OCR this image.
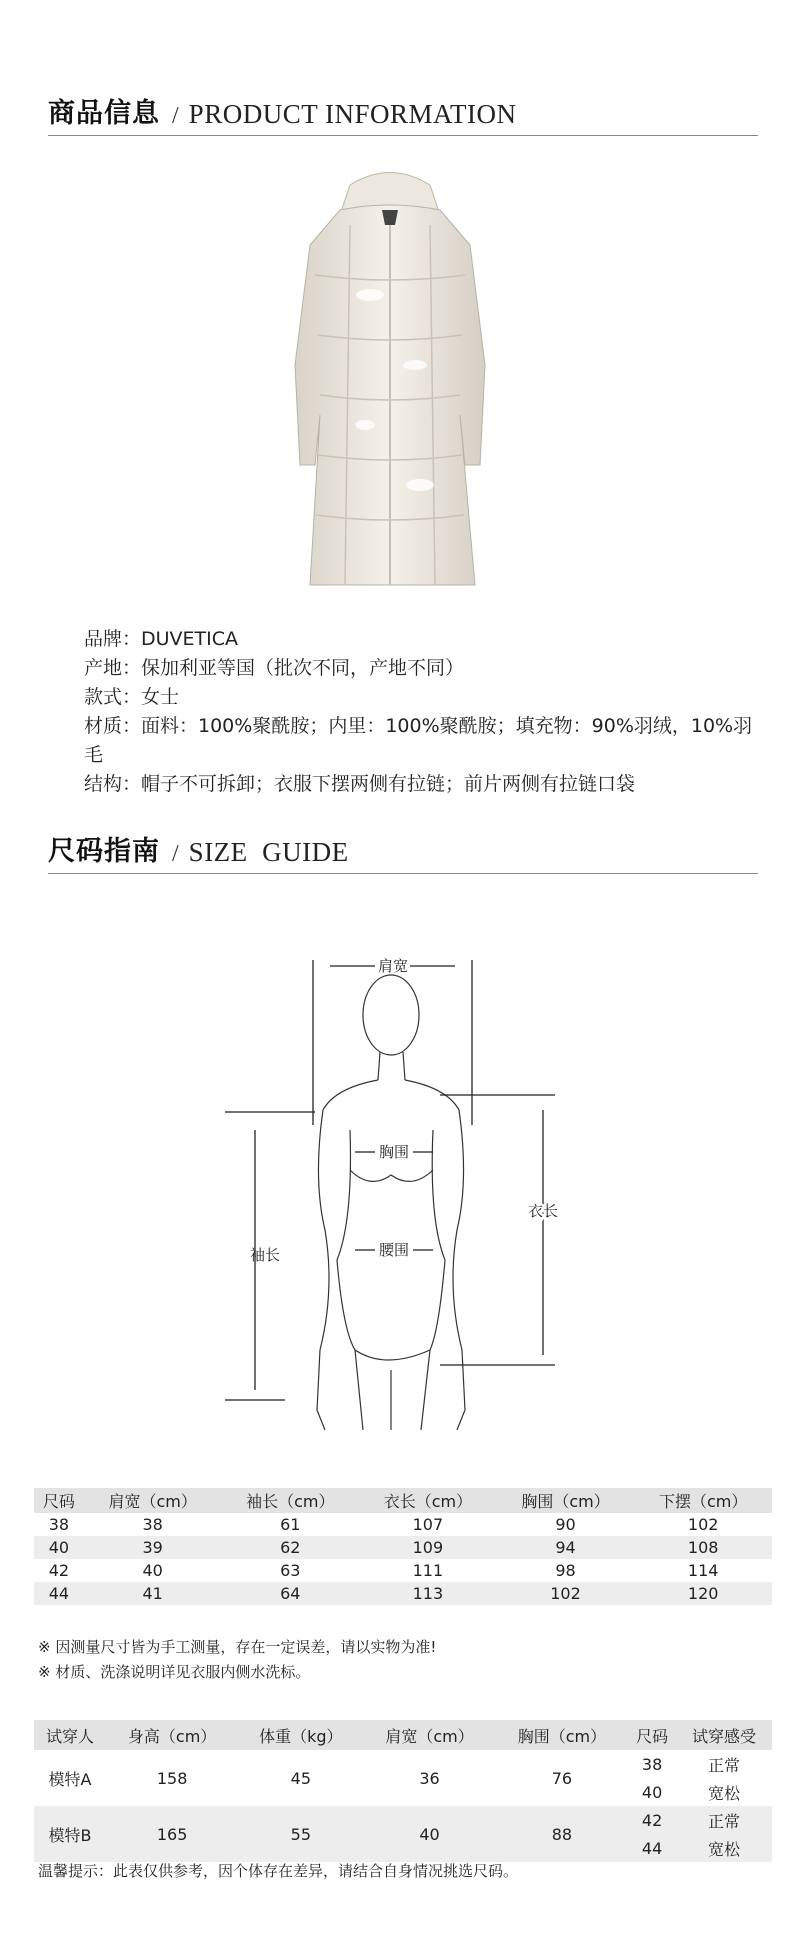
商品信息 / PRODUCT INFORMATION
品牌：DUVETICA
产地：保加利亚等国（批次不同，产地不同）
款式：女士
材质：面料：100%聚酰胺；内里：100%聚酰胺；填充物：90%羽绒，10%羽毛
结构：帽子不可拆卸；衣服下摆两侧有拉链；前片两侧有拉链口袋
尺码指南 / SIZE  GUIDE
肩宽
胸围
腰围
袖长
衣长
尺码	肩宽（cm）	袖长（cm）	衣长（cm）	胸围（cm）	下摆（cm）
38	38	61	107	90	102
40	39	62	109	94	108
42	40	63	111	98	114
44	41	64	113	102	120
※ 因测量尺寸皆为手工测量，存在一定误差，请以实物为准!
※ 材质、洗涤说明详见衣服内侧水洗标。
试穿人	身高（cm）	体重（kg）	肩宽（cm）	胸围（cm）	尺码	试穿感受
模特A	158	45	36	76	38	正常
					40	宽松
模特B	165	55	40	88	42	正常
					44	宽松
温馨提示：此表仅供参考，因个体存在差异，请结合自身情况挑选尺码。
